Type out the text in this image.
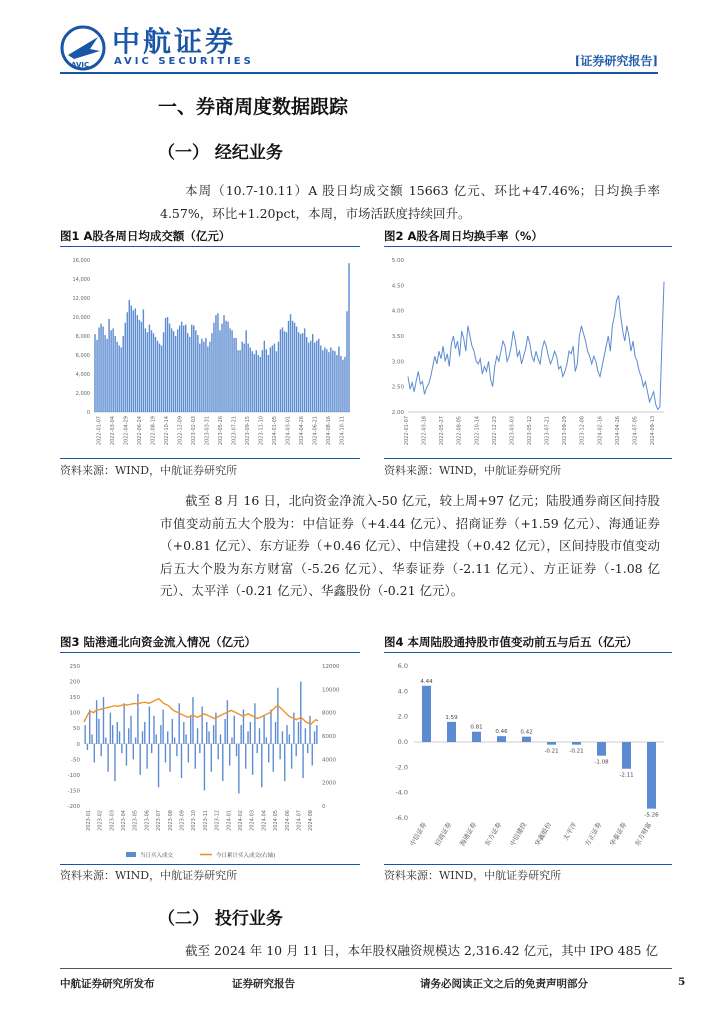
AVIC
中航证券
AVIC SECURITIES	[证券研究报告]
一、券商周度数据跟踪
（一） 经纪业务

本周（10.7-10.11）A 股日均成交额 15663 亿元、环比+47.46%；日均换手率 4.57%，环比+1.20pct，本周，市场活跃度持续回升。

图1 A股各周日均成交额（亿元）
16,000
14,000
12,000
10,000
8,000
6,000
4,000
2,000
0
2022-01-07 2022-03-04 2022-04-29 2022-06-24 2022-08-19 2022-10-14 2022-12-09 2023-02-03 2023-03-31 2023-05-26 2023-07-21 2023-09-15 2023-11-10 2024-01-05 2024-03-01 2024-04-26 2024-06-21 2024-08-16 2024-10-11
资料来源：WIND，中航证券研究所
图2 A股各周日均换手率（%）
5.00
4.50
4.00
3.50
3.00
2.50
2.00
2022-01-07 2022-03-18 2022-05-27 2022-08-05 2022-10-14 2022-12-23 2023-03-03 2023-05-12 2023-07-21 2023-09-29 2023-12-08 2024-02-16 2024-04-26 2024-07-05 2024-09-13
资料来源：WIND，中航证券研究所

截至 8 月 16 日，北向资金净流入-50 亿元，较上周+97 亿元；陆股通券商区间持股市值变动前五大个股为：中信证券（+4.44 亿元）、招商证券（+1.59 亿元）、海通证券（+0.81 亿元）、东方证券（+0.46 亿元）、中信建投（+0.42 亿元），区间持股市值变动后五大个股为东方财富（-5.26 亿元）、华泰证券（-2.11 亿元）、方正证券（-1.08 亿元）、太平洋（-0.21 亿元）、华鑫股份（-0.21 亿元）。

图3 陆港通北向资金流入情况（亿元）
250
200
150
100
50
0
-50
-100
-150
-200
12000
10000
8000
6000
4000
2000
0
2023-01 2023-02 2023-03 2023-04 2023-05 2023-06 2023-07 2023-08 2023-09 2023-10 2023-11 2023-12 2024-01 2024-02 2024-03 2024-04 2024-05 2024-06 2024-07 2024-08
当日买入成交	今日累计买入成交(右轴)
资料来源：WIND，中航证券研究所
图4 本周陆股通持股市值变动前五与后五（亿元）
6.0
4.0
2.0
0.0
-2.0
-4.0
-6.0
4.44
中信证券
1.59
招商证券
0.81
海通证券
0.46
东方证券
0.42
中信建投
-0.21
华鑫股份
-0.21
太平洋
-1.08
方正证券
-2.11
华泰证券
-5.26
东方财富
资料来源：WIND，中航证券研究所
（二） 投行业务

截至 2024 年 10 月 11 日，本年股权融资规模达 2,316.42 亿元，其中 IPO 485 亿

中航证券研究所发布	证券研究报告	请务必阅读正文之后的免责声明部分	5
